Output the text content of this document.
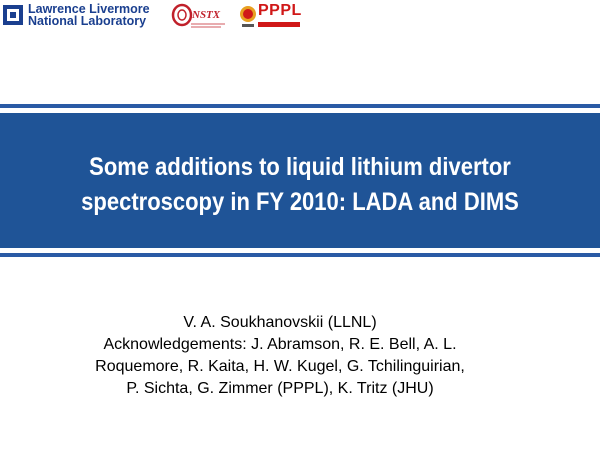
Lawrence Livermore
National Laboratory	NSTX PPPL
Some additions to liquid lithium divertor
spectroscopy in FY 2010: LADA and DIMS
V. A. Soukhanovskii (LLNL)
Acknowledgements: J. Abramson, R. E. Bell, A. L.
Roquemore, R. Kaita, H. W. Kugel, G. Tchilinguirian,
P. Sichta, G. Zimmer (PPPL), K. Tritz (JHU)
